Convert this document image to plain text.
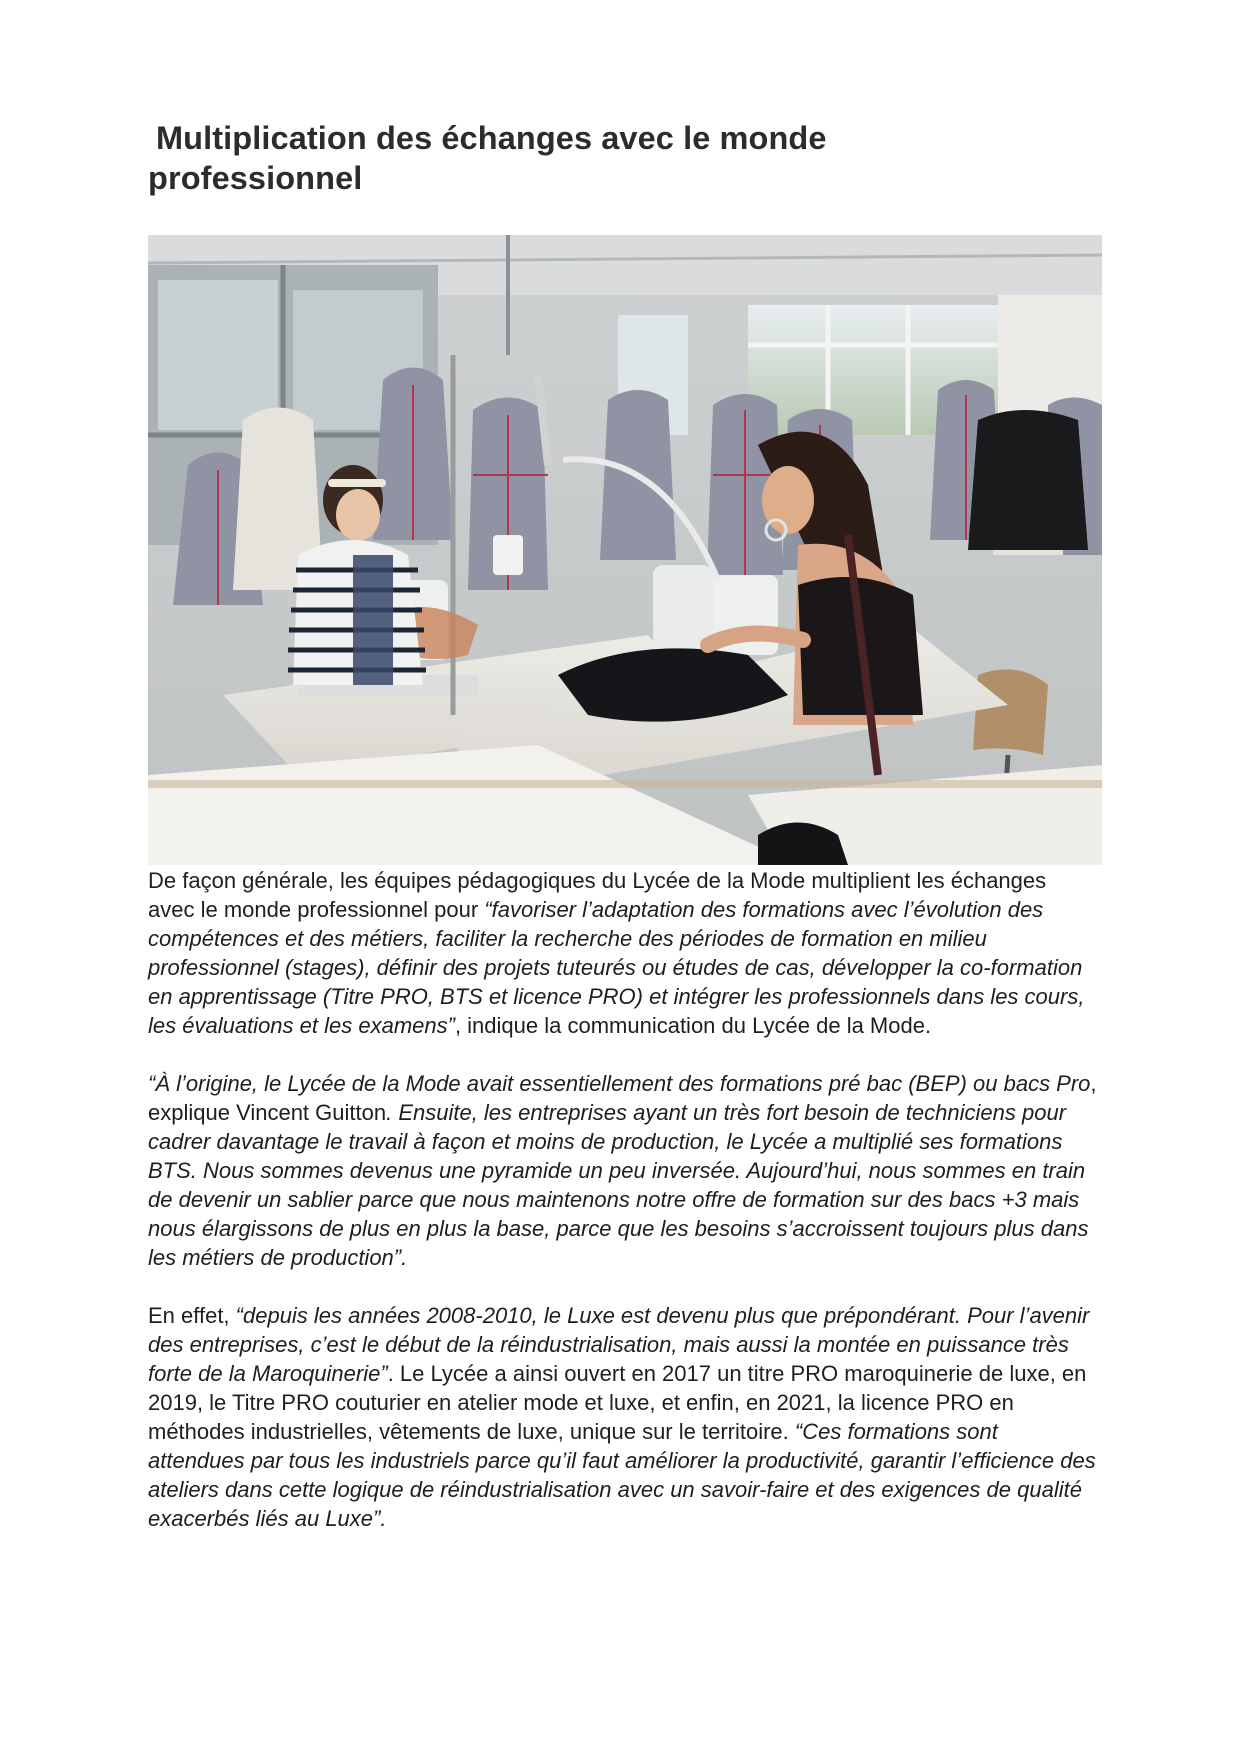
Multiplication des échanges avec le monde professionnel

De façon générale, les équipes pédagogiques du Lycée de la Mode multiplient les échanges avec le monde professionnel pour “favoriser l’adaptation des formations avec l’évolution des compétences et des métiers, faciliter la recherche des périodes de formation en milieu professionnel (stages), définir des projets tuteurés ou études de cas, développer la co-formation en apprentissage (Titre PRO, BTS et licence PRO) et intégrer les professionnels dans les cours, les évaluations et les examens”, indique la communication du Lycée de la Mode.

“À l’origine, le Lycée de la Mode avait essentiellement des formations pré bac (BEP) ou bacs Pro, explique Vincent Guitton. Ensuite, les entreprises ayant un très fort besoin de techniciens pour cadrer davantage le travail à façon et moins de production, le Lycée a multiplié ses formations BTS. Nous sommes devenus une pyramide un peu inversée. Aujourd’hui, nous sommes en train de devenir un sablier parce que nous maintenons notre offre de formation sur des bacs +3 mais nous élargissons de plus en plus la base, parce que les besoins s’accroissent toujours plus dans les métiers de production”.

En effet, “depuis les années 2008-2010, le Luxe est devenu plus que prépondérant. Pour l’avenir des entreprises, c’est le début de la réindustrialisation, mais aussi la montée en puissance très forte de la Maroquinerie”. Le Lycée a ainsi ouvert en 2017 un titre PRO maroquinerie de luxe, en 2019, le Titre PRO couturier en atelier mode et luxe, et enfin, en 2021, la licence PRO en méthodes industrielles, vêtements de luxe, unique sur le territoire. “Ces formations sont attendues par tous les industriels parce qu’il faut améliorer la productivité, garantir l’efficience des ateliers dans cette logique de réindustrialisation avec un savoir-faire et des exigences de qualité exacerbés liés au Luxe”.
